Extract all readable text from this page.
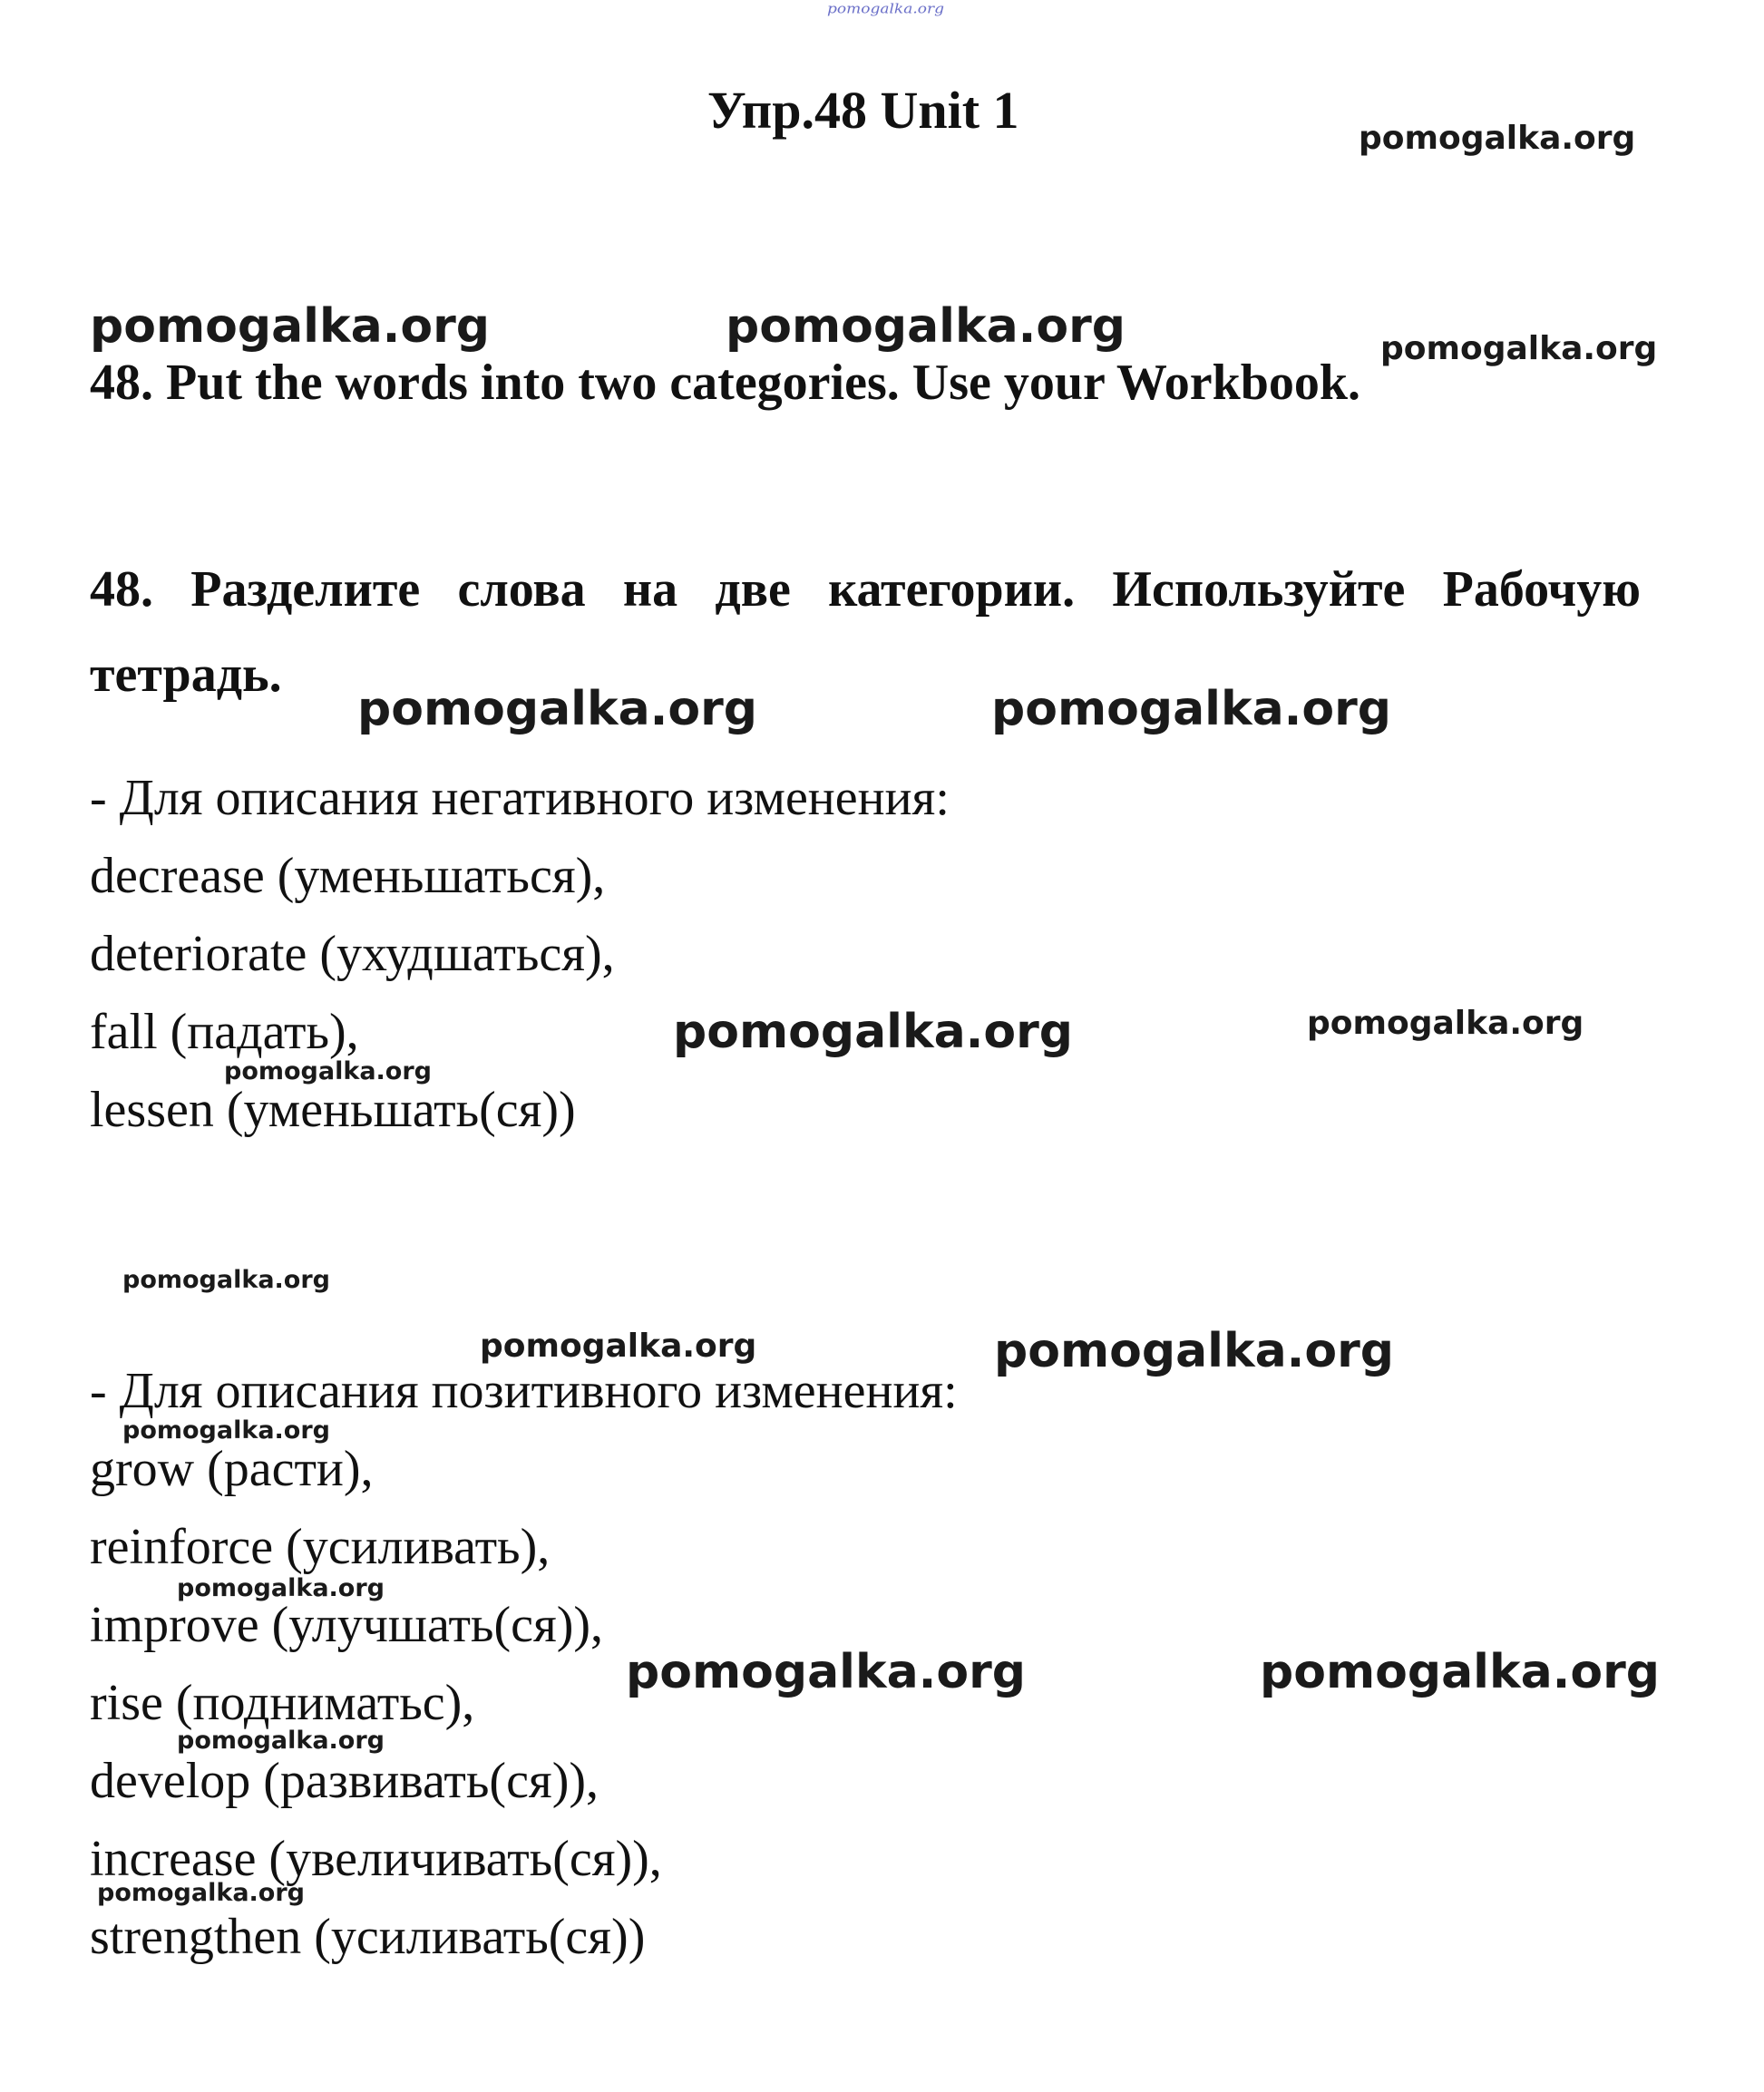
pomogalka.org
Упр.48 Unit 1	pomogalka.org
pomogalka.org	pomogalka.org	pomogalka.org
48. Put the words into two categories. Use your Workbook.
48. Разделите слова на две категории. Используйте Рабочую тетрадь.
pomogalka.org	pomogalka.org
- Для описания негативного изменения:
decrease (уменьшаться),
deteriorate (ухудшаться),
fall (падать),
lessen (уменьшать(ся))
pomogalka.org	pomogalka.org
pomogalka.org
pomogalka.org
pomogalka.org	pomogalka.org
- Для описания позитивного изменения:
pomogalka.org
grow (расти),
reinforce (усиливать),
pomogalka.org
improve (улучшать(ся)),
rise (подниматьс),
pomogalka.org	pomogalka.org
pomogalka.org
develop (развивать(ся)),
increase (увеличивать(ся)),
pomogalka.org
strengthen (усиливать(ся))
